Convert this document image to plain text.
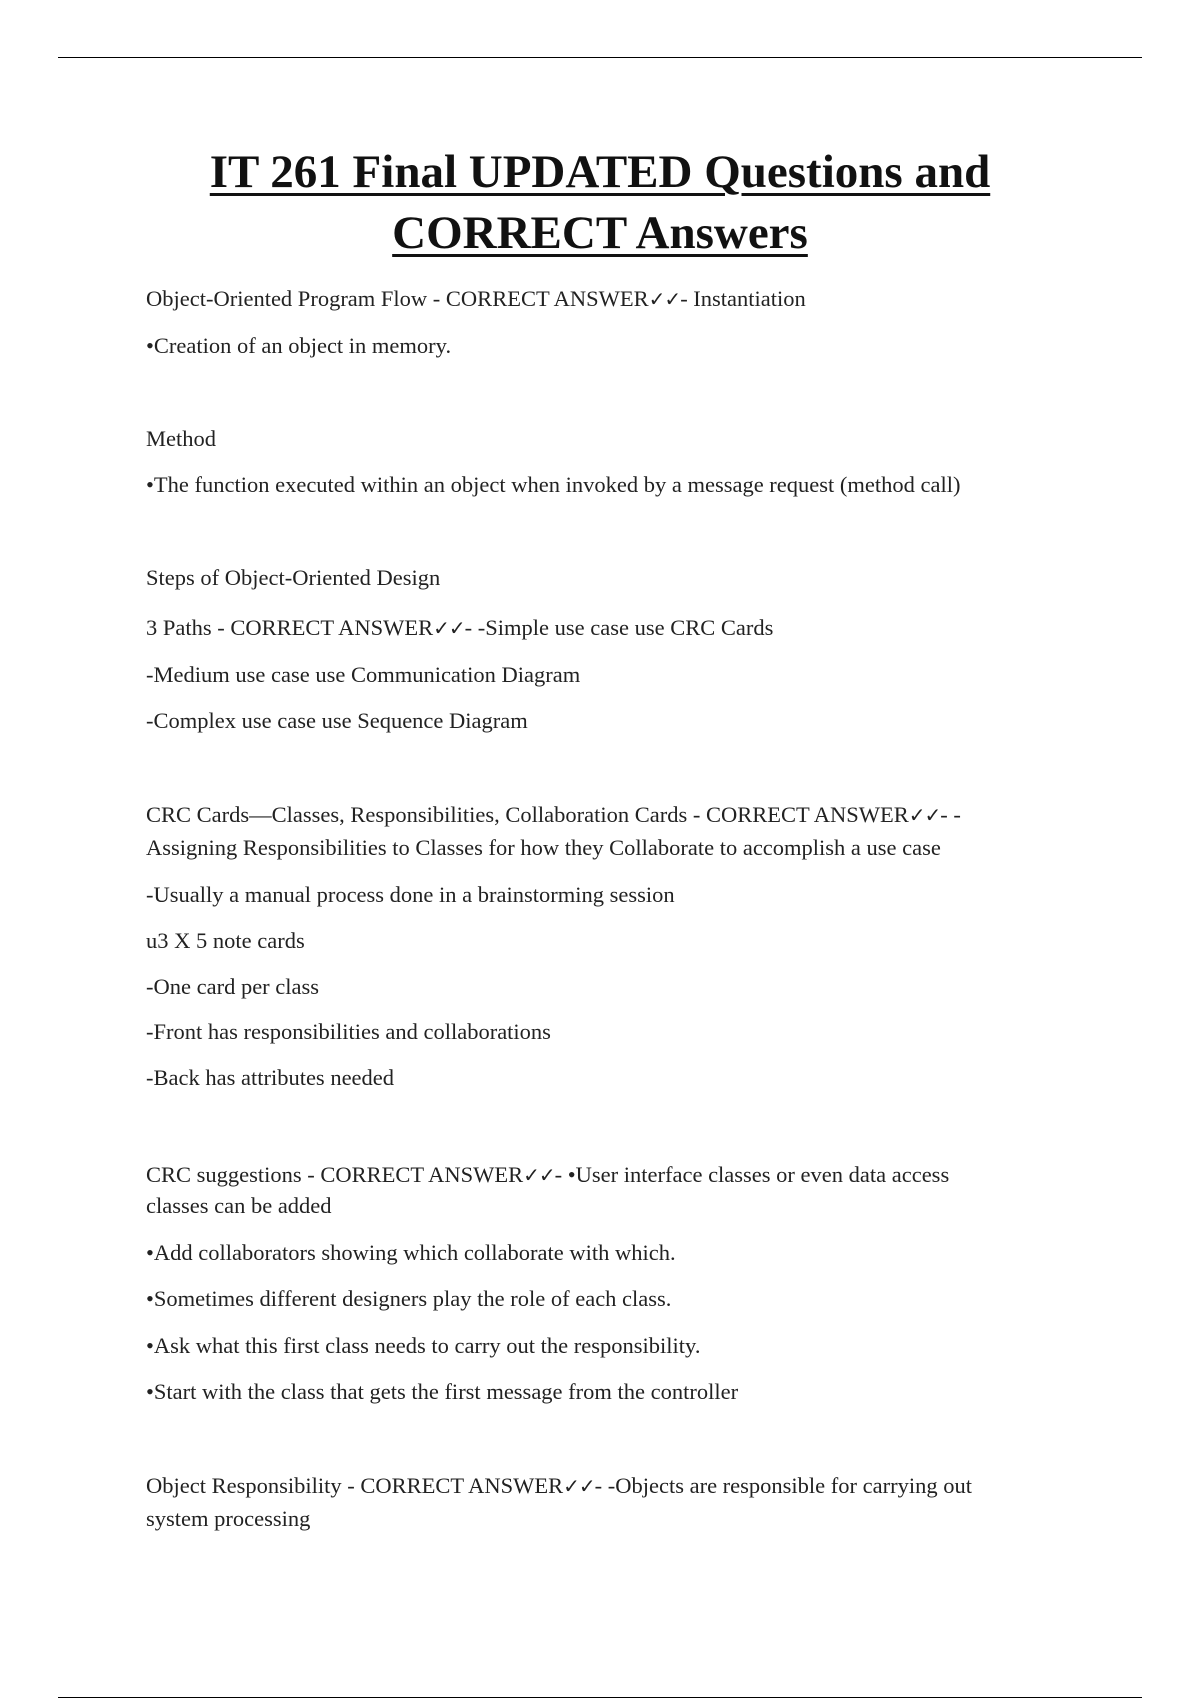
IT 261 Final UPDATED Questions and
CORRECT Answers
Object-Oriented Program Flow - CORRECT ANSWER✓✓- Instantiation
•Creation of an object in memory.
Method
•The function executed within an object when invoked by a message request (method call)
Steps of Object-Oriented Design
3 Paths - CORRECT ANSWER✓✓- -Simple use case use CRC Cards
-Medium use case use Communication Diagram
-Complex use case use Sequence Diagram
CRC Cards—Classes, Responsibilities, Collaboration Cards - CORRECT ANSWER✓✓- -
Assigning Responsibilities to Classes for how they Collaborate to accomplish a use case
-Usually a manual process done in a brainstorming session
u3 X 5 note cards
-One card per class
-Front has responsibilities and collaborations
-Back has attributes needed
CRC suggestions - CORRECT ANSWER✓✓- •User interface classes or even data access
classes can be added
•Add collaborators showing which collaborate with which.
•Sometimes different designers play the role of each class.
•Ask what this first class needs to carry out the responsibility.
•Start with the class that gets the first message from the controller
Object Responsibility - CORRECT ANSWER✓✓- -Objects are responsible for carrying out
system processing
